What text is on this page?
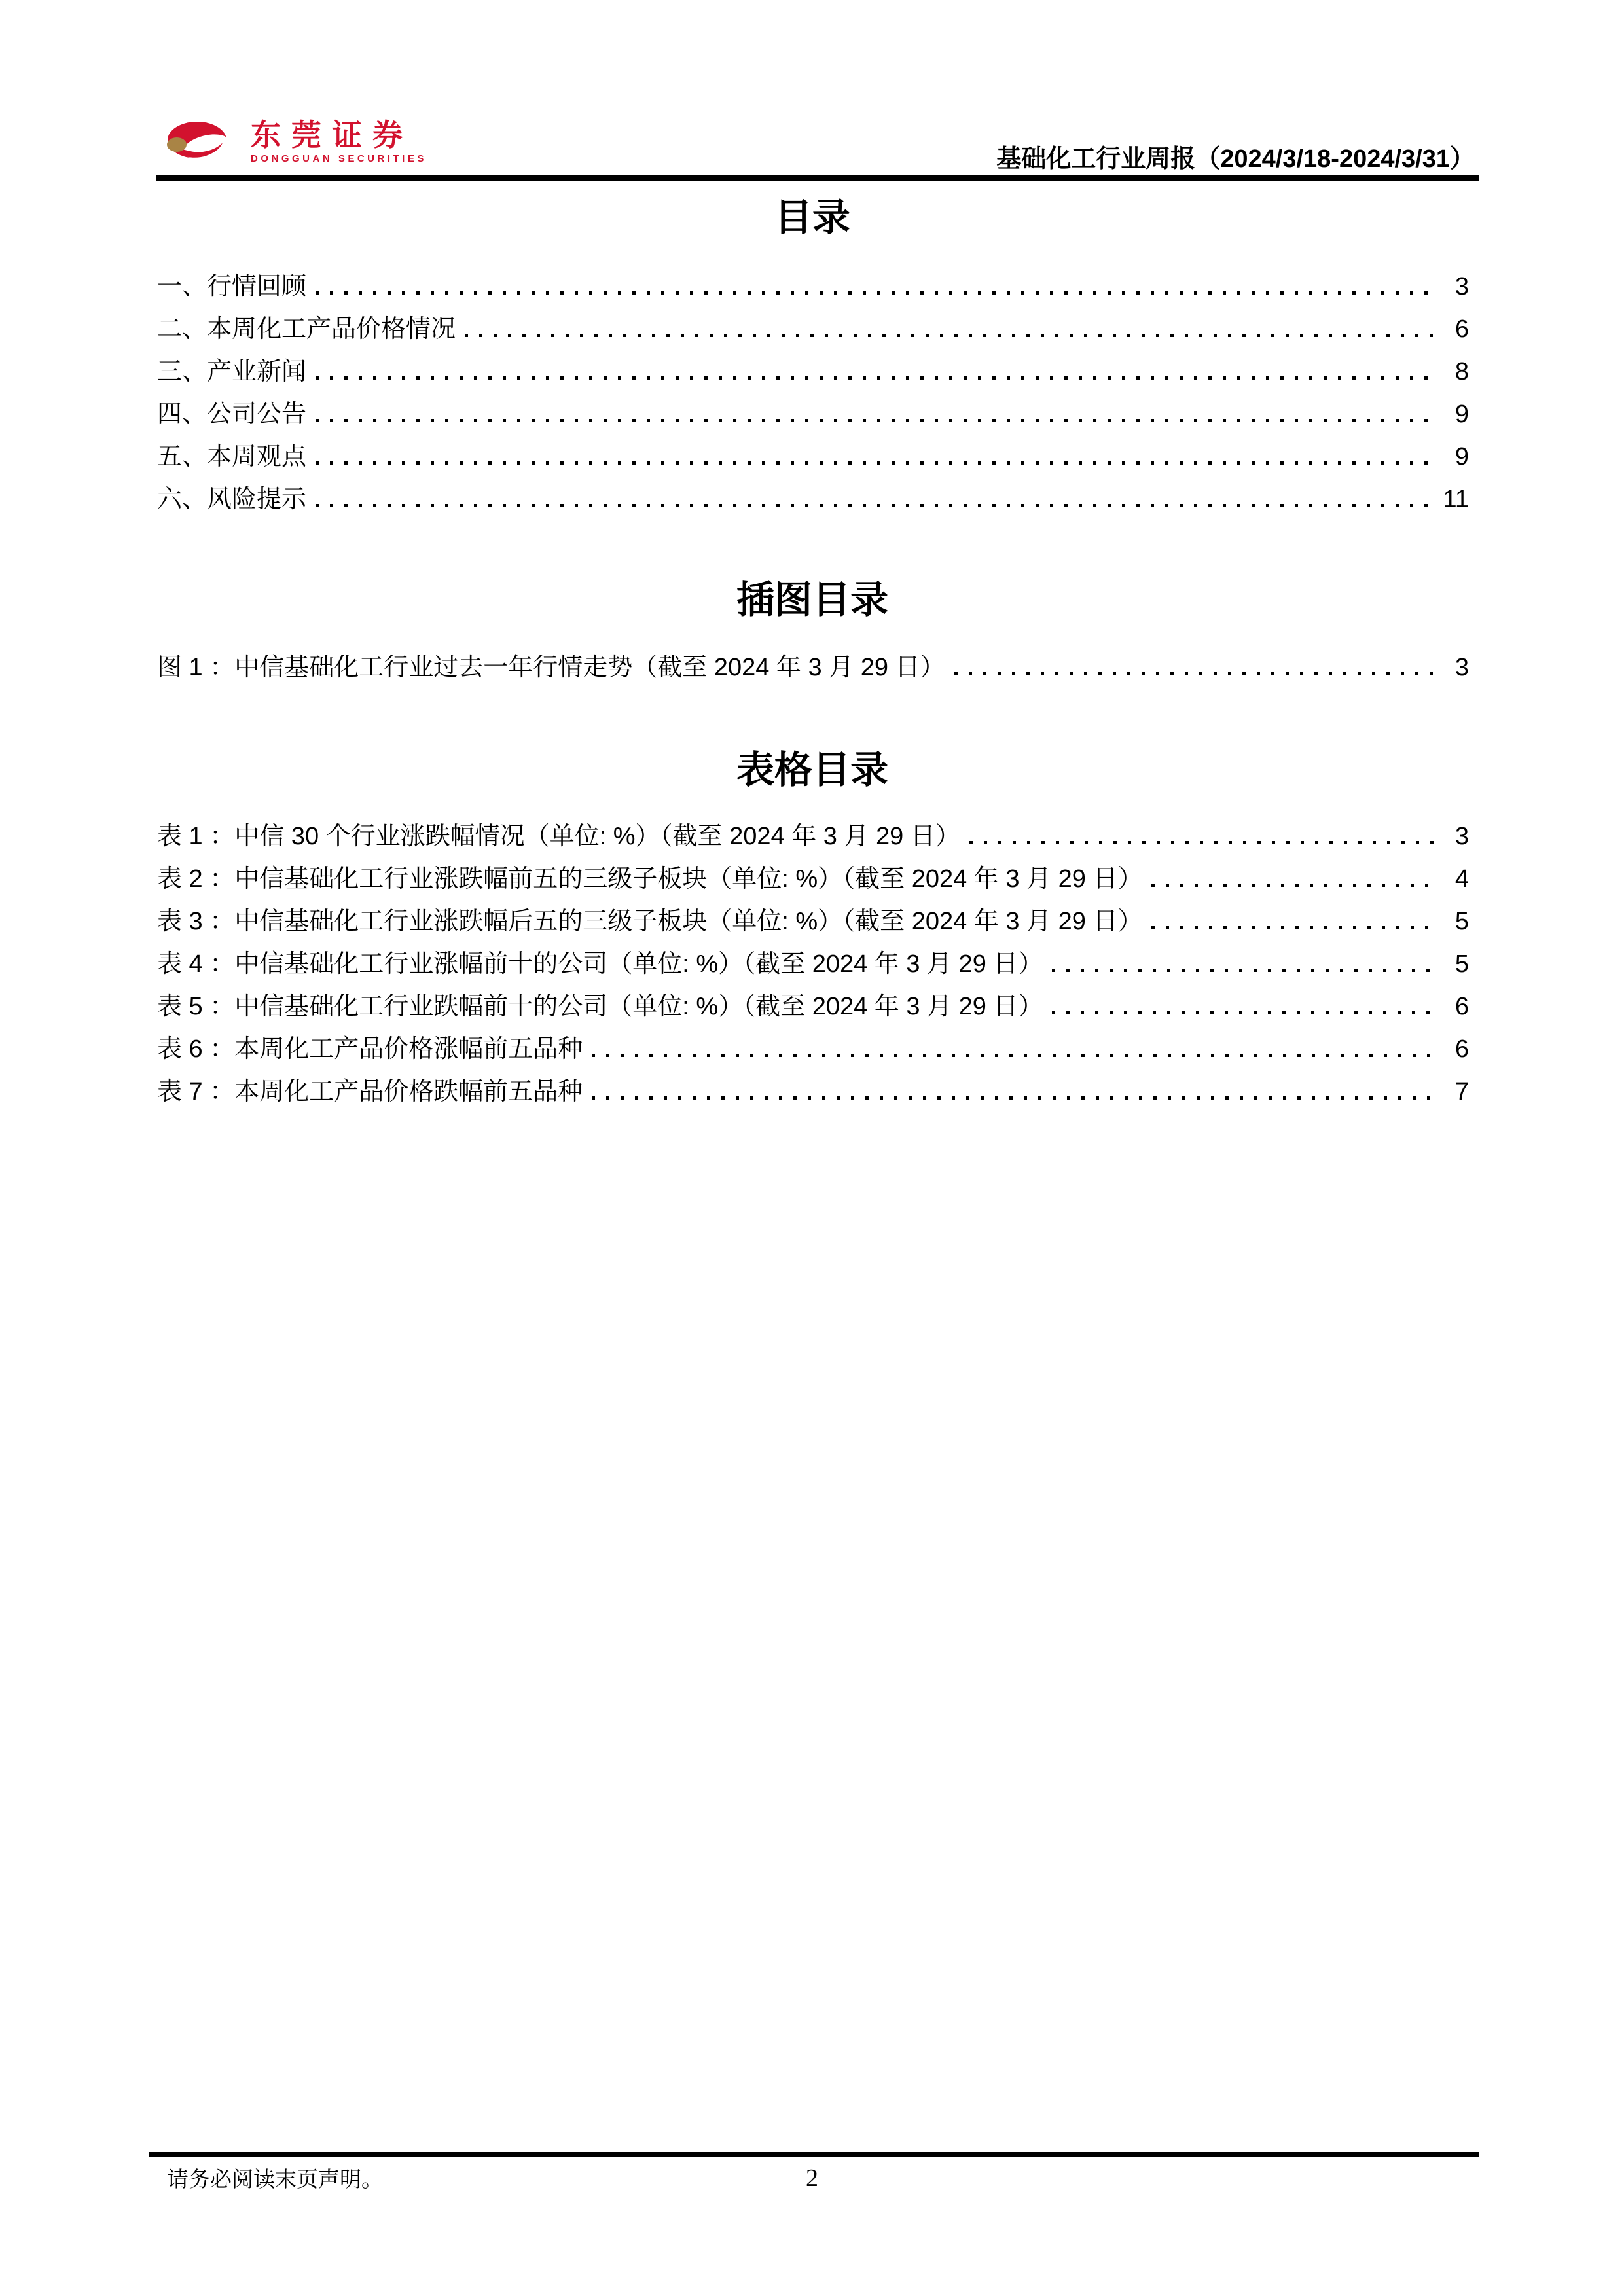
东莞证券
DONGGUAN SECURITIES	基础化工行业周报（2024/3/18-2024/3/31）
目录
一、行情回顾	3
二、本周化工产品价格情况	6
三、产业新闻	8
四、公司公告	9
五、本周观点	9
六、风险提示	11
插图目录
图 1 ：中信基础化工行业过去一年行情走势（截至 2024 年 3 月 29 日）	3
表格目录
表 1 ：中信 30 个行业涨跌幅情况（单位: %）（截至 2024 年 3 月 29 日）	3
表 2 ：中信基础化工行业涨跌幅前五的三级子板块（单位: %）（截至 2024 年 3 月 29 日）	4
表 3 ：中信基础化工行业涨跌幅后五的三级子板块（单位: %）（截至 2024 年 3 月 29 日）	5
表 4 ：中信基础化工行业涨幅前十的公司（单位: %）（截至 2024 年 3 月 29 日）	5
表 5 ：中信基础化工行业跌幅前十的公司（单位: %）（截至 2024 年 3 月 29 日）	6
表 6 ：本周化工产品价格涨幅前五品种	6
表 7 ：本周化工产品价格跌幅前五品种	7
请务必阅读末页声明。	2
